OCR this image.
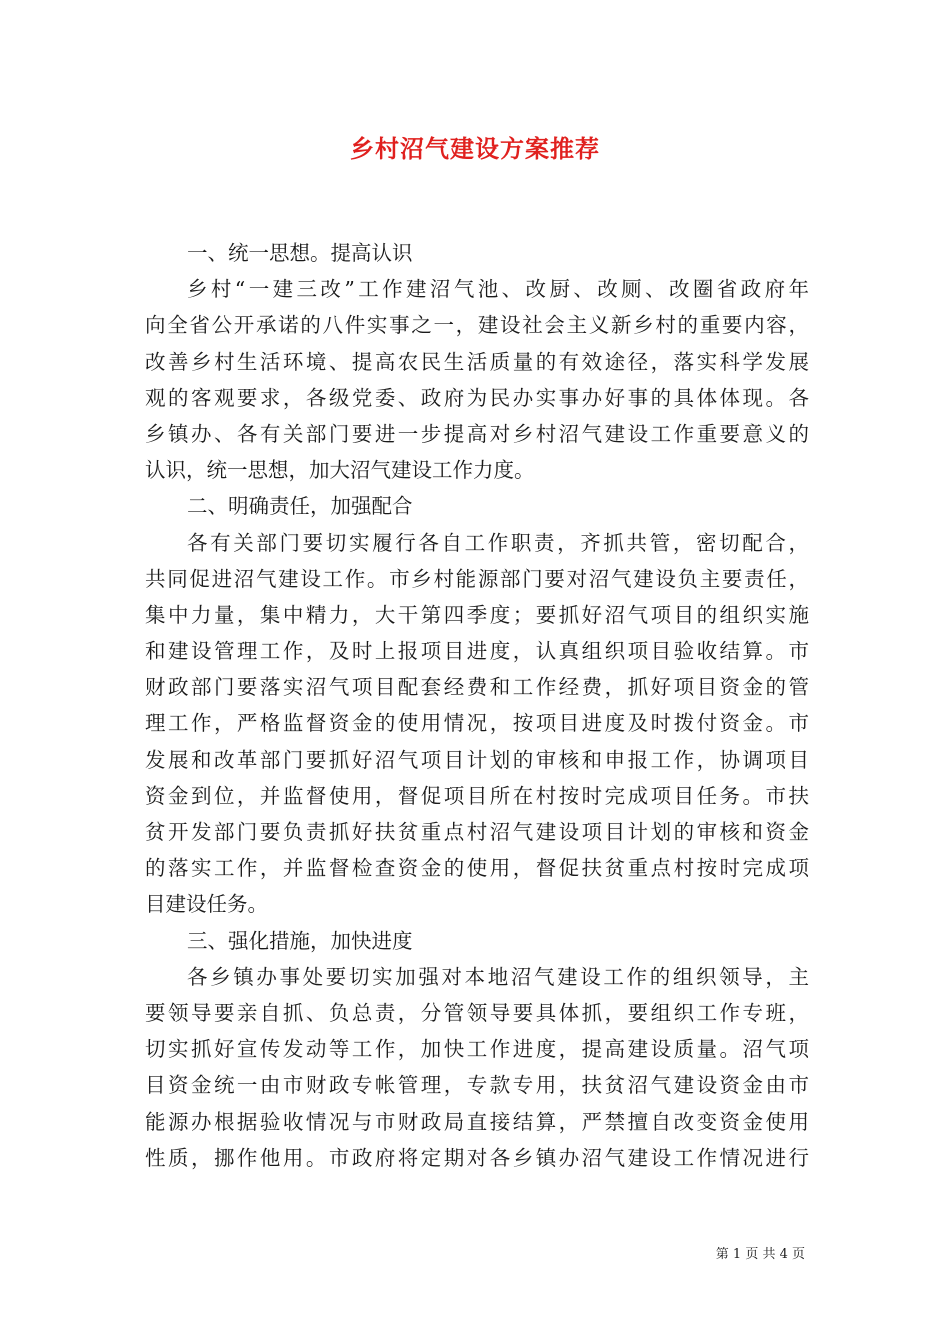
乡村沼气建设方案推荐
一、统一思想。提高认识
乡村“一建三改”工作建沼气池、改厨、改厕、改圈省政府年
向全省公开承诺的八件实事之一，建设社会主义新乡村的重要内容，
改善乡村生活环境、提高农民生活质量的有效途径，落实科学发展
观的客观要求，各级党委、政府为民办实事办好事的具体体现。各
乡镇办、各有关部门要进一步提高对乡村沼气建设工作重要意义的
认识，统一思想，加大沼气建设工作力度。
二、明确责任，加强配合
各有关部门要切实履行各自工作职责，齐抓共管，密切配合，
共同促进沼气建设工作。市乡村能源部门要对沼气建设负主要责任，
集中力量，集中精力，大干第四季度；要抓好沼气项目的组织实施
和建设管理工作，及时上报项目进度，认真组织项目验收结算。市
财政部门要落实沼气项目配套经费和工作经费，抓好项目资金的管
理工作，严格监督资金的使用情况，按项目进度及时拨付资金。市
发展和改革部门要抓好沼气项目计划的审核和申报工作，协调项目
资金到位，并监督使用，督促项目所在村按时完成项目任务。市扶
贫开发部门要负责抓好扶贫重点村沼气建设项目计划的审核和资金
的落实工作，并监督检查资金的使用，督促扶贫重点村按时完成项
目建设任务。
三、强化措施，加快进度
各乡镇办事处要切实加强对本地沼气建设工作的组织领导，主
要领导要亲自抓、负总责，分管领导要具体抓，要组织工作专班，
切实抓好宣传发动等工作，加快工作进度，提高建设质量。沼气项
目资金统一由市财政专帐管理，专款专用，扶贫沼气建设资金由市
能源办根据验收情况与市财政局直接结算，严禁擅自改变资金使用
性质，挪作他用。市政府将定期对各乡镇办沼气建设工作情况进行
第 1 页 共 4 页
